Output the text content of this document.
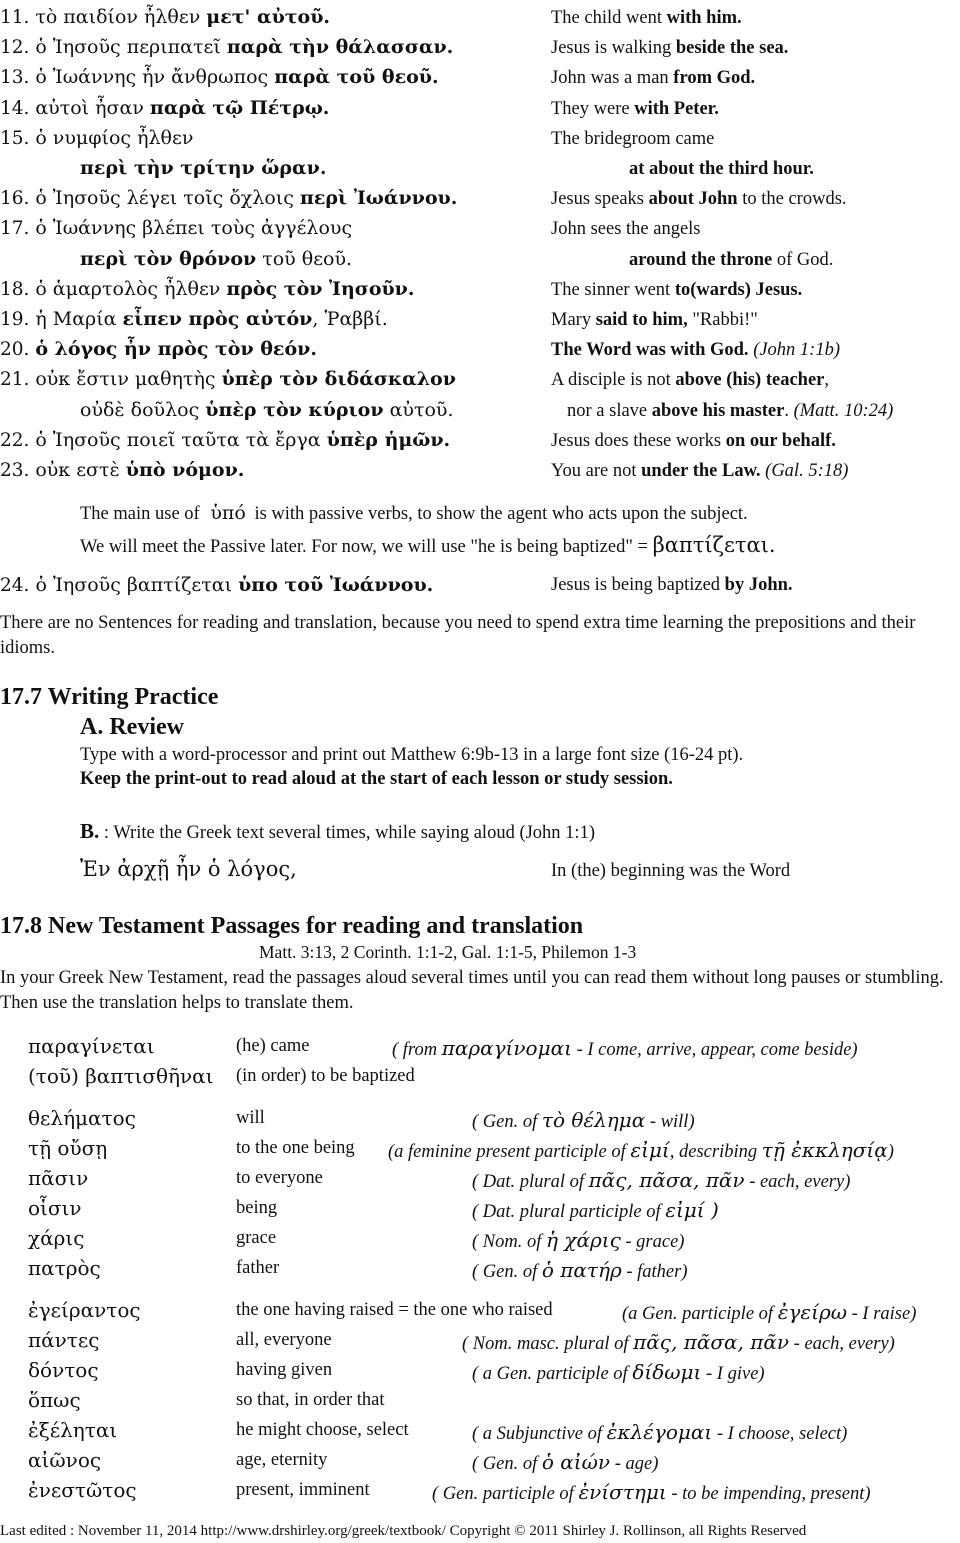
11. τὸ παιδίον ἦλθεν μετ' αὐτοῦ.	The child went with him.
12. ὁ Ἰησοῦς περιπατεῖ παρὰ τὴν θάλασσαν.	Jesus is walking beside the sea.
13. ὁ Ἰωάννης ἦν ἄνθρωπος παρὰ τοῦ θεοῦ.	John was a man from God.
14. αὐτοὶ ἦσαν παρὰ τῷ Πέτρῳ.	They were with Peter.
15. ὁ νυμφίος ἦλθεν	The bridegroom came
περὶ τὴν τρίτην ὥραν.	at about the third hour.
16. ὁ Ἰησοῦς λέγει τοῖς ὄχλοις περὶ Ἰωάννου.	Jesus speaks about John to the crowds.
17. ὁ Ἰωάννης βλέπει τοὺς ἀγγέλους	John sees the angels
περὶ τὸν θρόνον τοῦ θεοῦ.	around the throne of God.
18. ὁ ἁμαρτολὸς ἦλθεν πρὸς τὸν Ἰησοῦν.	The sinner went to(wards) Jesus.
19. ἡ Μαρία εἶπεν πρὸς αὐτόν, Ῥαββί.	Mary said to him, "Rabbi!"
20. ὁ λόγος ἦν πρὸς τὸν θεόν.	The Word was with God. (John 1:1b)
21. οὐκ ἔστιν μαθητὴς ὑπὲρ τὸν διδάσκαλον	A disciple is not above (his) teacher,
οὐδὲ δοῦλος ὑπὲρ τὸν κύριον αὐτοῦ.	nor a slave above his master. (Matt. 10:24)
22. ὁ Ἰησοῦς ποιεῖ ταῦτα τὰ ἔργα ὑπὲρ ἡμῶν.	Jesus does these works on our behalf.
23. οὐκ εστὲ ὑπὸ νόμον.	You are not under the Law. (Gal. 5:18)
The main use of ὑπό is with passive verbs, to show the agent who acts upon the subject.
We will meet the Passive later. For now, we will use "he is being baptized" = βαπτίζεται.
24. ὁ Ἰησοῦς βαπτίζεται ὑπο τοῦ Ἰωάννου.	Jesus is being baptized by John.
There are no Sentences for reading and translation, because you need to spend extra time learning the prepositions and their idioms.
17.7 Writing Practice
A. Review
Type with a word-processor and print out Matthew 6:9b-13 in a large font size (16-24 pt).
Keep the print-out to read aloud at the start of each lesson or study session.
B. : Write the Greek text several times, while saying aloud (John 1:1)
Ἐν ἀρχῇ ἦν ὁ λόγος,	In (the) beginning was the Word
17.8 New Testament Passages for reading and translation
Matt. 3:13, 2 Corinth. 1:1-2, Gal. 1:1-5, Philemon 1-3
In your Greek New Testament, read the passages aloud several times until you can read them without long pauses or stumbling. Then use the translation helps to translate them.
παραγίνεται	(he) came	( from παραγίνομαι - I come, arrive, appear, come beside)
(τοῦ) βαπτισθῆναι (in order) to be baptized
θελήματος	will	( Gen. of τὸ θέλημα - will)
τῇ οὔσῃ	to the one being (a feminine present participle of εἰμί, describing τῇ ἐκκλησίᾳ)
πᾶσιν	to everyone	( Dat. plural of πᾶς, πᾶσα, πᾶν - each, every)
οἷσιν	being	( Dat. plural participle of εἰμί )
χάρις	grace	( Nom. of ἡ χάρις - grace)
πατρὸς	father	( Gen. of ὁ πατήρ - father)
ἐγείραντος	the one having raised = the one who raised	(a Gen. participle of ἐγείρω - I raise)
πάντες	all, everyone	( Nom. masc. plural of πᾶς, πᾶσα, πᾶν - each, every)
δόντος	having given	( a Gen. participle of δίδωμι - I give)
ὅπως	so that, in order that
ἐξέληται	he might choose, select	( a Subjunctive of ἐκλέγομαι - I choose, select)
αἰῶνος	age, eternity	( Gen. of ὁ αἰών - age)
ἐνεστῶτος	present, imminent	( Gen. participle of ἐνίστημι - to be impending, present)
Last edited : November 11, 2014 http://www.drshirley.org/greek/textbook/ Copyright © 2011 Shirley J. Rollinson, all Rights Reserved
